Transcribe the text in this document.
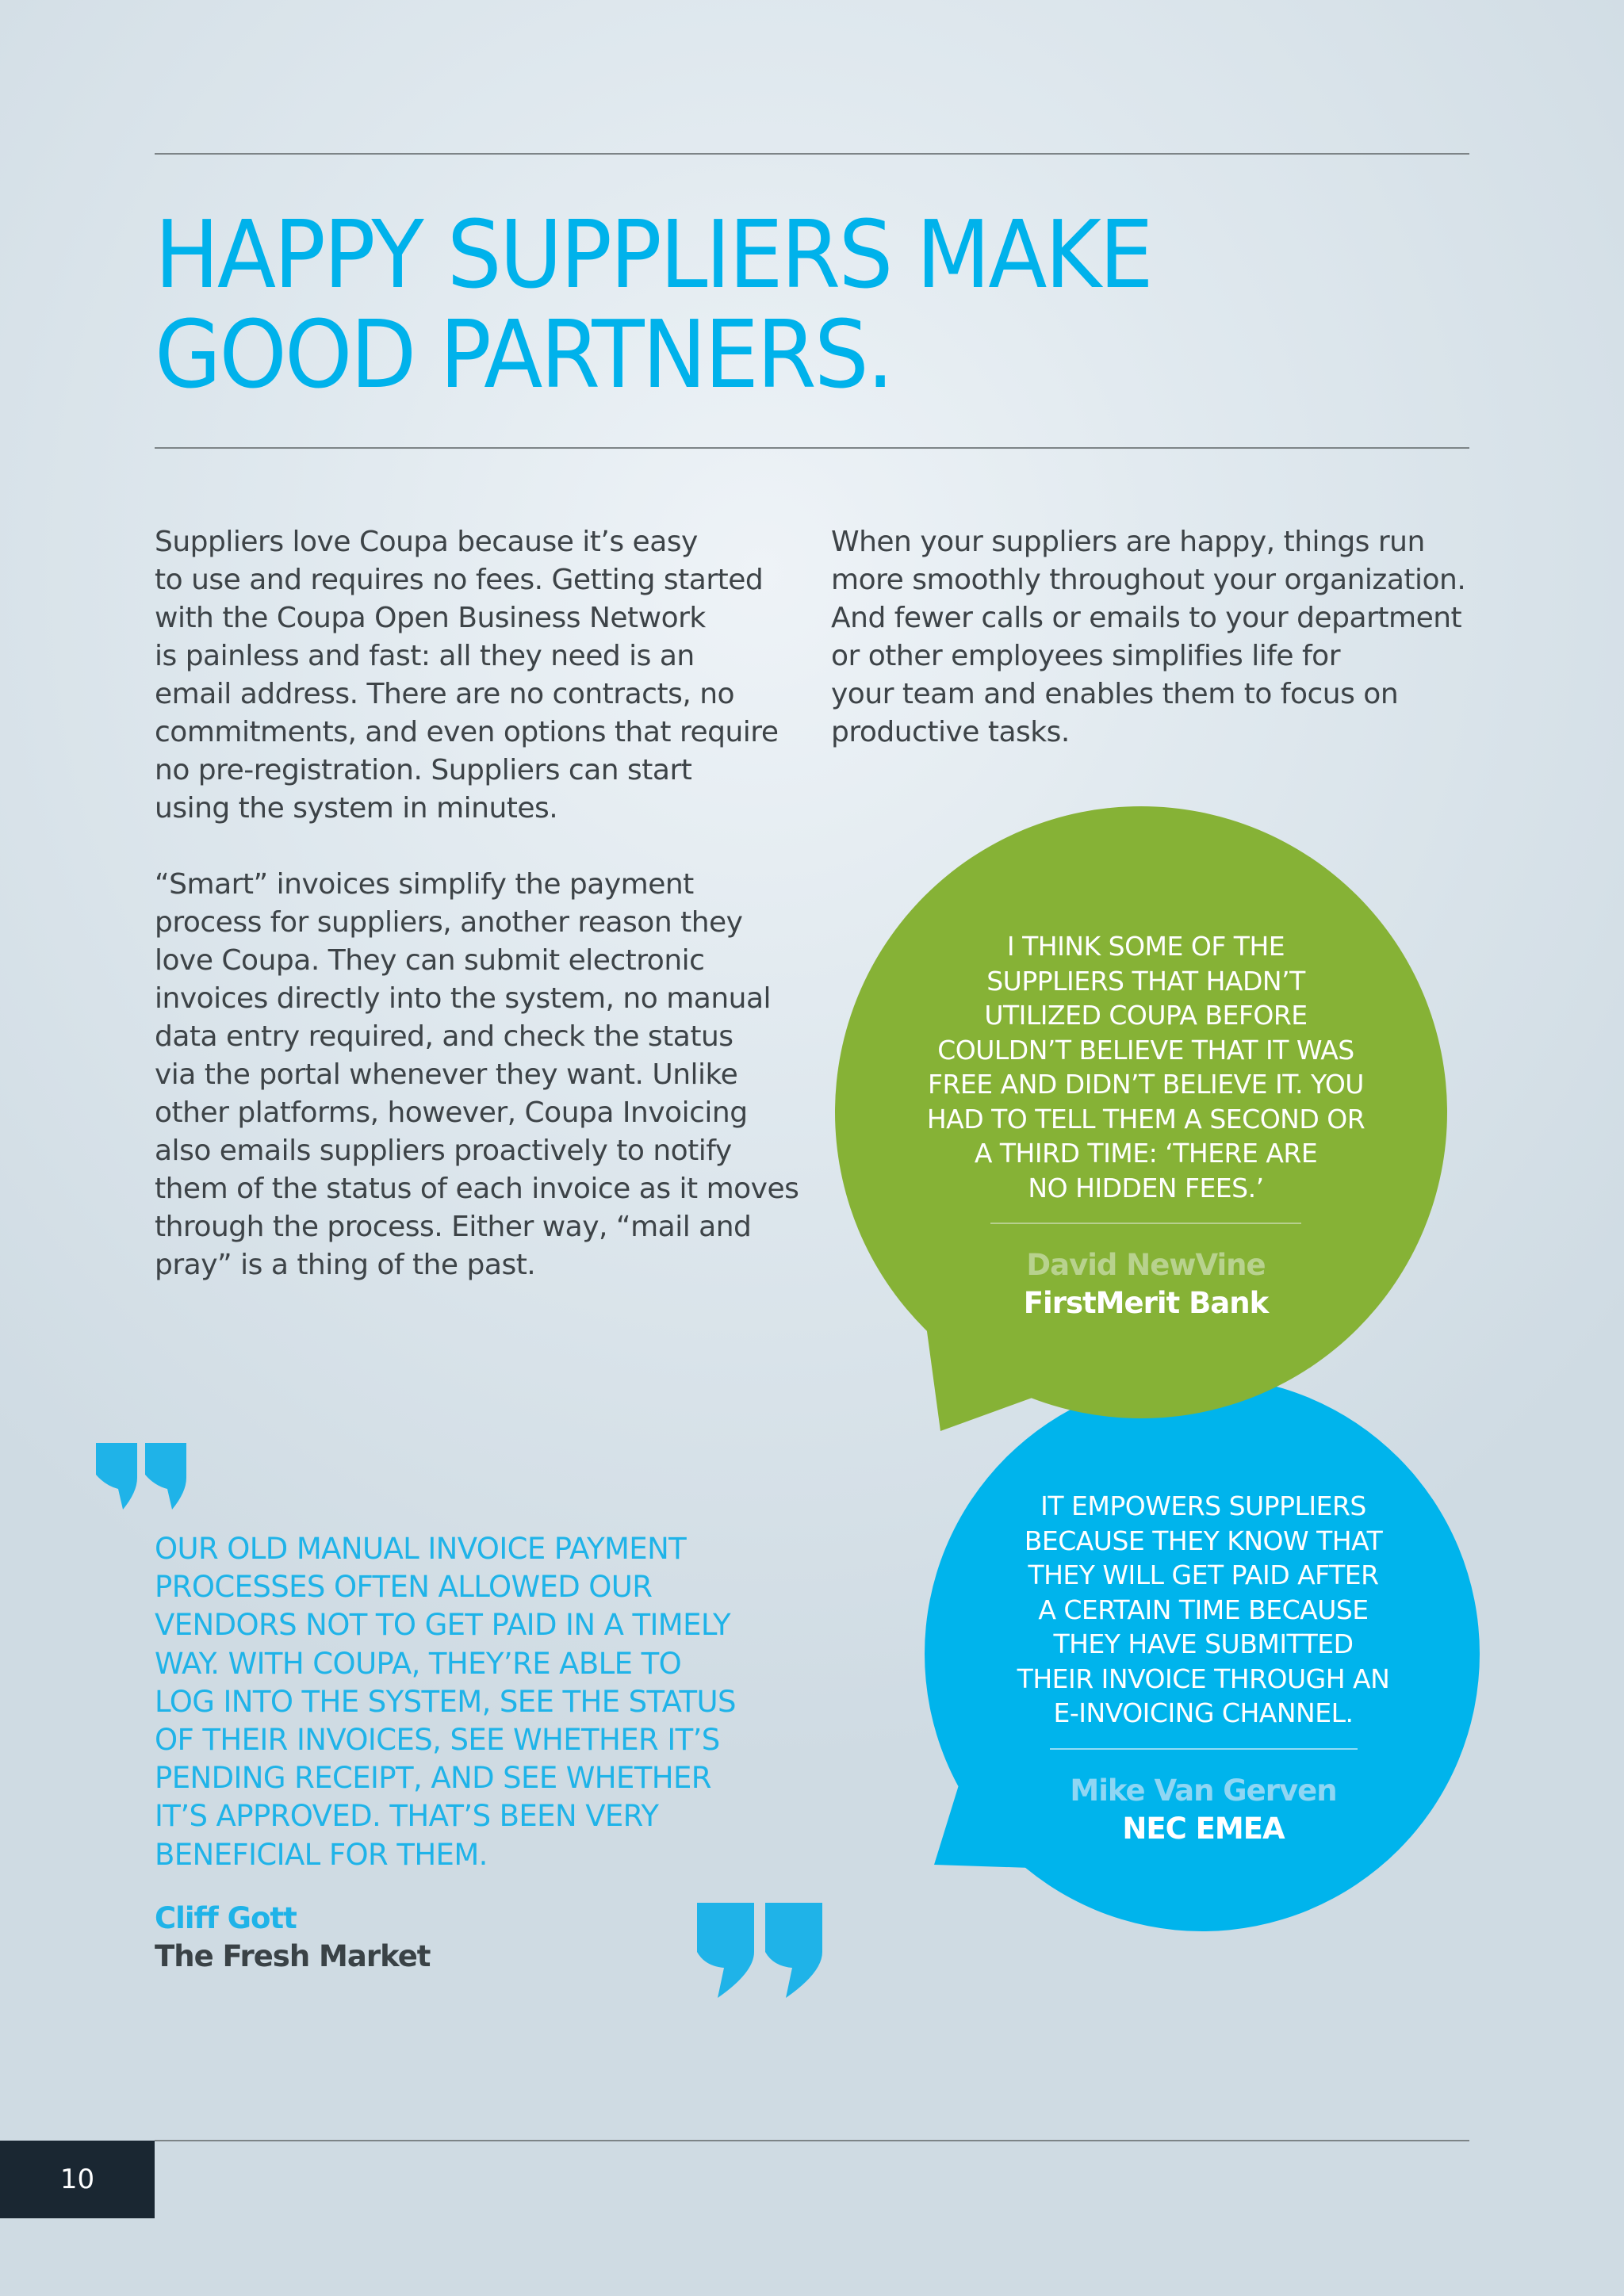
HAPPY SUPPLIERS MAKE
GOOD PARTNERS.

Suppliers love Coupa because it’s easy
to use and requires no fees. Getting started
with the Coupa Open Business Network
is painless and fast: all they need is an
email address. There are no contracts, no
commitments, and even options that require
no pre-registration. Suppliers can start
using the system in minutes.

“Smart” invoices simplify the payment
process for suppliers, another reason they
love Coupa. They can submit electronic
invoices directly into the system, no manual
data entry required, and check the status
via the portal whenever they want. Unlike
other platforms, however, Coupa Invoicing
also emails suppliers proactively to notify
them of the status of each invoice as it moves
through the process. Either way, “mail and
pray” is a thing of the past.

When your suppliers are happy, things run
more smoothly throughout your organization.
And fewer calls or emails to your department
or other employees simplifies life for
your team and enables them to focus on
productive tasks.

I THINK SOME OF THE
SUPPLIERS THAT HADN’T
UTILIZED COUPA BEFORE
COULDN’T BELIEVE THAT IT WAS
FREE AND DIDN’T BELIEVE IT. YOU
HAD TO TELL THEM A SECOND OR
A THIRD TIME: ‘THERE ARE
NO HIDDEN FEES.’
David NewVine
FirstMerit Bank
IT EMPOWERS SUPPLIERS
BECAUSE THEY KNOW THAT
THEY WILL GET PAID AFTER
A CERTAIN TIME BECAUSE
THEY HAVE SUBMITTED
THEIR INVOICE THROUGH AN
E-INVOICING CHANNEL.
Mike Van Gerven
NEC EMEA
OUR OLD MANUAL INVOICE PAYMENT
PROCESSES OFTEN ALLOWED OUR
VENDORS NOT TO GET PAID IN A TIMELY
WAY. WITH COUPA, THEY’RE ABLE TO
LOG INTO THE SYSTEM, SEE THE STATUS
OF THEIR INVOICES, SEE WHETHER IT’S
PENDING RECEIPT, AND SEE WHETHER
IT’S APPROVED. THAT’S BEEN VERY
BENEFICIAL FOR THEM.
Cliff Gott
The Fresh Market
10
